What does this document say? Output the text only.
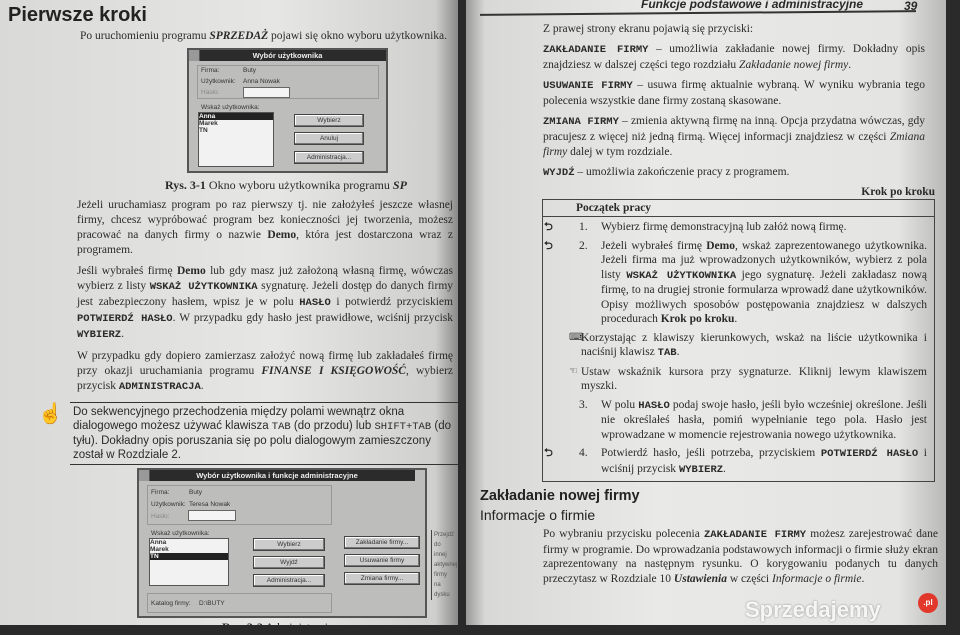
Pierwsze kroki
Po uruchomieniu programu SPRZEDAŻ pojawi się okno wyboru użytkownika.
Wybór użytkownika
Firma:	Buty
Użytkownik: Anna Nowak
Hasło:
Wskaż użytkownika:
Anna
Marek
TN
Wybierz
Anuluj
Administracja...
Rys. 3-1 Okno wyboru użytkownika programu SP
Jeżeli uruchamiasz program po raz pierwszy tj. nie założyłeś jeszcze własnej firmy, chcesz wypróbować program bez konieczności jej tworzenia, możesz pracować na danych firmy o nazwie Demo, która jest dostarczona wraz z programem.
Jeśli wybrałeś firmę Demo lub gdy masz już założoną własną firmę, wówczas wybierz z listy WSKAŻ UŻYTKOWNIKA sygnaturę. Jeżeli dostęp do danych firmy jest zabezpieczony hasłem, wpisz je w polu HASŁO i potwierdź przyciskiem POTWIERDŹ HASŁO. W przypadku gdy hasło jest prawidłowe, wciśnij przycisk WYBIERZ.
W przypadku gdy dopiero zamierzasz założyć nową firmę lub zakładałeś firmę przy okazji uruchamiania programu FINANSE I KSIĘGOWOŚĆ, wybierz przycisk ADMINISTRACJA.
☝ Do sekwencyjnego przechodzenia między polami wewnątrz okna dialogowego możesz używać klawisza TAB (do przodu) lub SHIFT+TAB (do tyłu). Dokładny opis poruszania się po polu dialogowym zamieszczony został w Rozdziale 2.
Wybór użytkownika i funkcje administracyjne
Firma:	Buty
Użytkownik: Teresa Nowak
Hasło:
Wskaż użytkownika:
Anna
Marek
TN
Wybierz
Wyjdź
Administracja...
Zakładanie firmy...
Usuwanie firmy
Zmiana firmy...
Katalog firmy: D:\BUTY
Przejdź do innej aktywnej firmy na dysku
Rys. 3-2 Administracja.
Funkcje podstawowe i administracyjne	39

Z prawej strony ekranu pojawią się przyciski:

ZAKŁADANIE FIRMY – umożliwia zakładanie nowej firmy. Dokładny opis znajdziesz w dalszej części tego rozdziału Zakładanie nowej firmy.

USUWANIE FIRMY – usuwa firmę aktualnie wybraną. W wyniku wybrania tego polecenia wszystkie dane firmy zostaną skasowane.

ZMIANA FIRMY – zmienia aktywną firmę na inną. Opcja przydatna wówczas, gdy pracujesz z więcej niż jedną firmą. Więcej informacji znajdziesz w części Zmiana firmy dalej w tym rozdziale.

WYJDŹ – umożliwia zakończenie pracy z programem.

Krok po kroku
Początek pracy
⮌ 1. Wybierz firmę demonstracyjną lub załóż nową firmę.
⮌ 2. Jeżeli wybrałeś firmę Demo, wskaż zaprezentowanego użytkownika. Jeżeli firma ma już wprowadzonych użytkowników, wybierz z pola listy WSKAŻ UŻYTKOWNIKA jego sygnaturę. Jeżeli zakładasz nową firmę, to na drugiej stronie formularza wprowadź dane użytkowników. Opisy możliwych sposobów postępowania znajdziesz w dalszych procedurach Krok po kroku.
⌨
Korzystając z klawiszy kierunkowych, wskaż na liście użytkownika i naciśnij klawisz TAB.
☜ Ustaw wskaźnik kursora przy sygnaturze. Kliknij lewym klawiszem myszki.
3. W polu HASŁO podaj swoje hasło, jeśli było wcześniej określone. Jeśli nie określałeś hasła, pomiń wypełnianie tego pola. Hasło jest wprowadzane w momencie rejestrowania nowego użytkownika.
⮌ 4. Potwierdź hasło, jeśli potrzeba, przyciskiem POTWIERDŹ HASŁO i wciśnij przycisk WYBIERZ.
Zakładanie nowej firmy
Informacje o firmie
Po wybraniu przycisku polecenia ZAKŁADANIE FIRMY możesz zarejestrować dane firmy w programie. Do wprowadzania podstawowych informacji o firmie służy ekran zaprezentowany na następnym rysunku. O korygowaniu podanych tu danych przeczytasz w Rozdziale 10 Ustawienia w części Informacje o firmie.
Sprzedajemy	.pl
